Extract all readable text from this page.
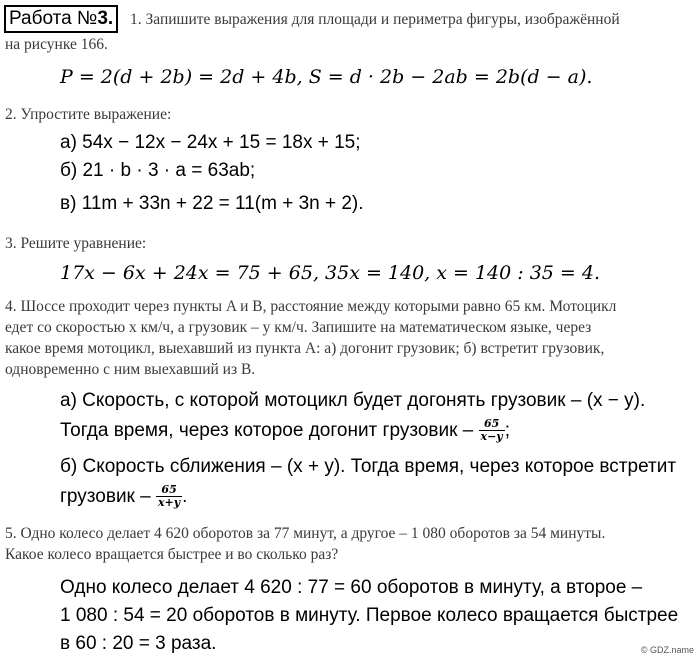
Работа №3.	1. Запишите выражения для площади и периметра фигуры, изображённой
на рисунке 166.
P = 2(d + 2b) = 2d + 4b, S = d · 2b − 2ab = 2b(d − a).
2. Упростите выражение:
а) 54x − 12x − 24x + 15 = 18x + 15;
б) 21 · b · 3 · a = 63ab;
в) 11m + 33n + 22 = 11(m + 3n + 2).
3. Решите уравнение:
17x − 6x + 24x = 75 + 65, 35x = 140, x = 140 : 35 = 4.
4. Шоссе проходит через пункты A и B, расстояние между которыми равно 65 км. Мотоцикл
едет со скоростью x км/ч, а грузовик – y км/ч. Запишите на математическом языке, через
какое время мотоцикл, выехавший из пункта A: а) догонит грузовик; б) встретит грузовик,
одновременно с ним выехавший из B.
а) Скорость, с которой мотоцикл будет догонять грузовик – (x − y).
Тогда время, через которое догонит грузовик – $\frac{65}{x-y}$ ;
б) Скорость сближения – (x + y). Тогда время, через которое встретит
грузовик – $\frac{65}{x+y}$ .
5. Одно колесо делает 4 620 оборотов за 77 минут, а другое – 1 080 оборотов за 54 минуты.
Какое колесо вращается быстрее и во сколько раз?
Одно колесо делает 4 620 : 77 = 60 оборотов в минуту, а второе –
1 080 : 54 = 20 оборотов в минуту. Первое колесо вращается быстрее
в 60 : 20 = 3 раза.	© GDZ.name
